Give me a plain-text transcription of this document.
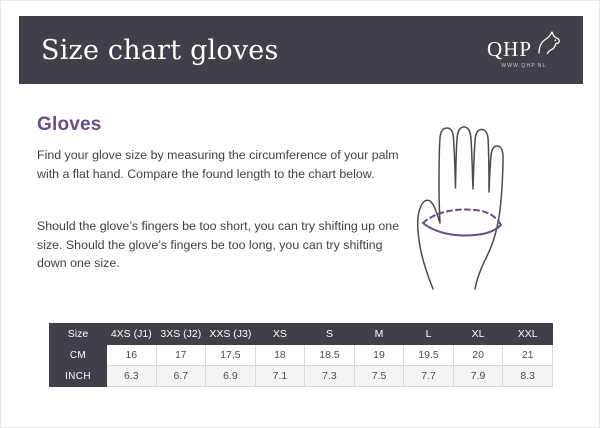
Size chart gloves	QHP
WWW.QHP.NL
Gloves
Find your glove size by measuring the circumference of your palm with a flat hand. Compare the found length to the chart below.
Should the glove’s fingers be too short, you can try shifting up one size. Should the glove’s fingers be too long, you can try shifting down one size.
Size	4XS (J1)	3XS (J2)	XXS (J3)	XS	S	M	L	XL	XXL
CM	16	17	17,5	18	18.5	19	19.5	20	21
INCH	6.3	6.7	6.9	7.1	7.3	7.5	7.7	7.9	8.3
